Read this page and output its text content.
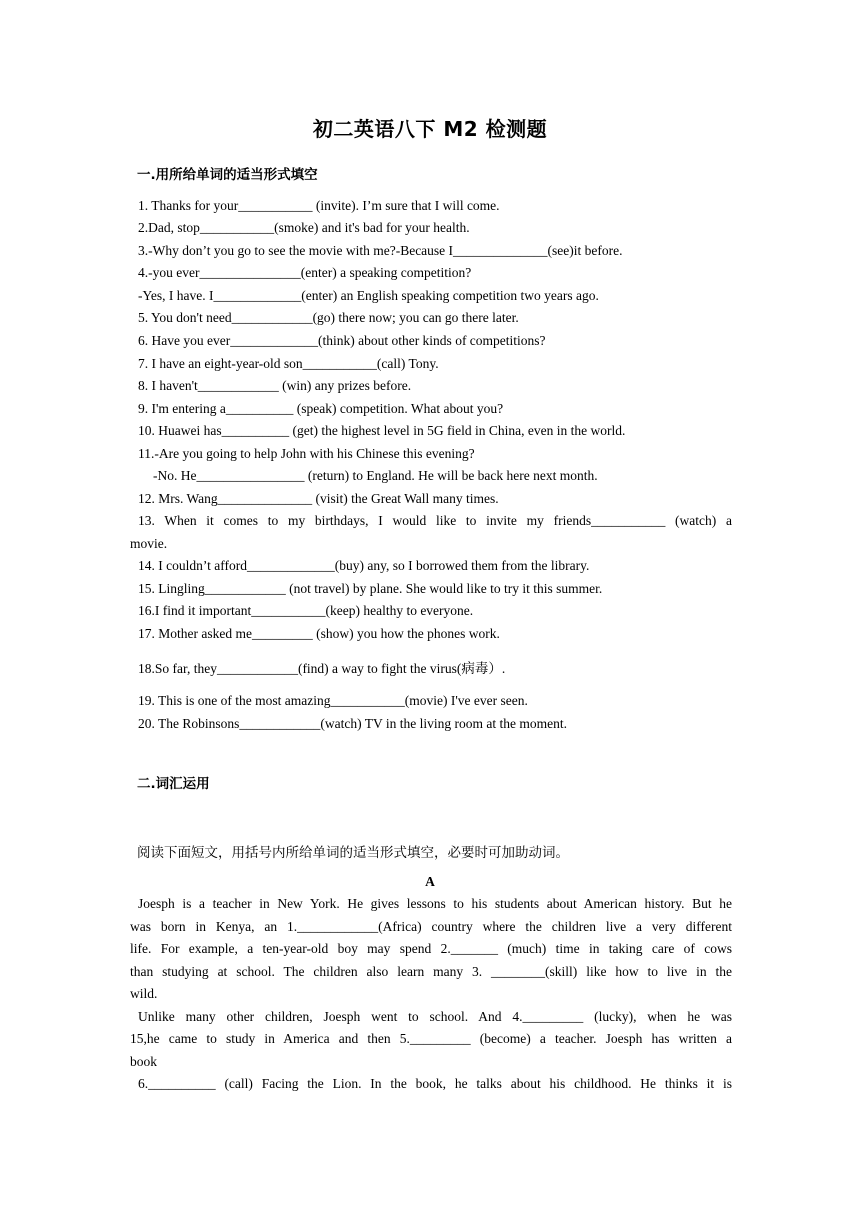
初二英语八下 M2 检测题
一.用所给单词的适当形式填空
1. Thanks for your___________ (invite). I’m sure that I will come.
2.Dad, stop___________(smoke) and it's bad for your health.
3.-Why don’t you go to see the movie with me?-Because I______________(see)it before.
4.-you ever_______________(enter) a speaking competition?
-Yes, I have. I_____________(enter) an English speaking competition two years ago.
5. You don't need____________(go) there now; you can go there later.
6. Have you ever_____________(think) about other kinds of competitions?
7. I have an eight-year-old son___________(call) Tony.
8. I haven't____________ (win) any prizes before.
9. I'm entering a__________ (speak) competition. What about you?
10. Huawei has__________ (get) the highest level in 5G field in China, even in the world.
11.-Are you going to help John with his Chinese this evening?
-No. He________________ (return) to England. He will be back here next month.
12. Mrs. Wang______________ (visit) the Great Wall many times.
13. When it comes to my birthdays, I would like to invite my friends___________ (watch) a
movie.
14. I couldn’t afford_____________(buy) any, so I borrowed them from the library.
15. Lingling____________ (not travel) by plane. She would like to try it this summer.
16.I find it important___________(keep) healthy to everyone.
17. Mother asked me_________ (show) you how the phones work.
18.So far, they____________(find) a way to fight the virus(病毒）.
19. This is one of the most amazing___________(movie) I've ever seen.
20. The Robinsons____________(watch) TV in the living room at the moment.
二.词汇运用
阅读下面短文，用括号内所给单词的适当形式填空，必要时可加助动词。
A
Joesph is a teacher in New York. He gives lessons to his students about American history. But he
was born in Kenya, an 1.____________(Africa) country where the children live a very different
life. For example, a ten-year-old boy may spend 2._______ (much) time in taking care of cows
than studying at school. The children also learn many 3. ________(skill) like how to live in the
wild.
Unlike many other children, Joesph went to school. And 4._________ (lucky), when he was
15,he came to study in America and then 5._________ (become) a teacher. Joesph has written a
book
6.__________ (call) Facing the Lion. In the book, he talks about his childhood. He thinks it is
